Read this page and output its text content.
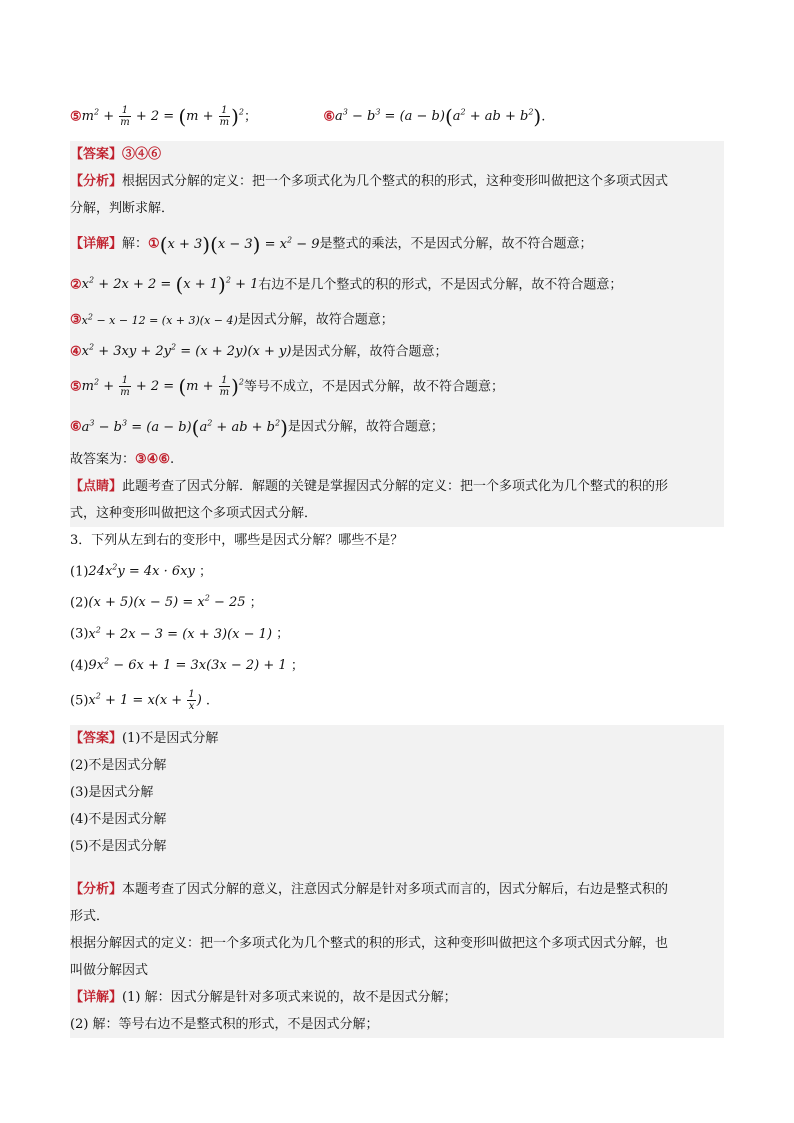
$⑤m^2 + \frac{1}{m} + 2 = (m + \frac{1}{m} )^2$；	$⑥a^3 - b^3 = (a - b)(a^2$ + ab + $b^2$).
【答案】③④⑥
【分析】根据因式分解的定义：把一个多项式化为几个整式的积的形式，这种变形叫做把这个多项式因式
分解，判断求解．
【详解】解：①(x + $3)(x - 3) = x^2 - 9$是整式的乘法，不是因式分解，故不符合题意；
$②x^2 + 2x + 2 = (x + 1)^2 + 1$右边不是几个整式的积的形式，不是因式分解，故不符合题意；
$③x^2 - x - 12 = (x + 3)(x - 4)$是因式分解，故符合题意；
$④x^2 + 3xy + 2y^2 = (x + 2y)(x + y)$是因式分解，故符合题意；
$⑤m^2 + \frac{1}{m} + 2 = (m + \frac{1}{m} )^2$等号不成立，不是因式分解，故不符合题意；
$⑥a^3 - b^3 = (a - b)(a^2$ + ab + $b^2$)是因式分解，故符合题意；
故答案为：③④⑥.
【点睛】此题考查了因式分解．解题的关键是掌握因式分解的定义：把一个多项式化为几个整式的积的形
式，这种变形叫做把这个多项式因式分解．
3．下列从左到右的变形中，哪些是因式分解？哪些不是？
$(1)24x^2y = 4x \cdot 6xy$ ；
$(2)(x + 5)(x - 5) = x^2 - 25$ ；
$(3)x^2 + 2x - 3 = (x + 3)(x - 1)$ ；
$(4)9x^2 - 6x + 1 = 3x(3x - 2) + 1$ ；
$(5)x^2 + 1 = x(x + \frac{1}{x}$ ) .
【答案】(1)不是因式分解
(2)不是因式分解
(3)是因式分解
(4)不是因式分解
(5)不是因式分解
【分析】本题考查了因式分解的意义，注意因式分解是针对多项式而言的，因式分解后，右边是整式积的
形式．
根据分解因式的定义：把一个多项式化为几个整式的积的形式，这种变形叫做把这个多项式因式分解，也
叫做分解因式
【详解】(1) 解：因式分解是针对多项式来说的，故不是因式分解；
(2) 解：等号右边不是整式积的形式，不是因式分解；
